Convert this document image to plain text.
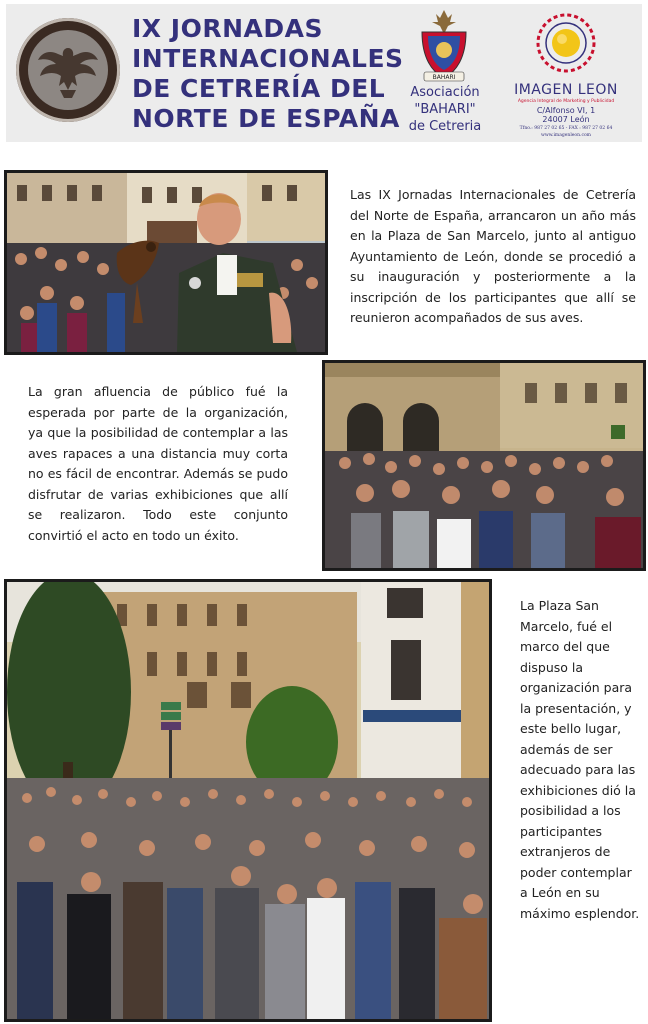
IX JORNADAS
INTERNACIONALES
DE CETRERÍA DEL
NORTE DE ESPAÑA
BAHARI
Asociación
"BAHARI"
de Cetreria
IMAGEN LEON
Agencia Integral de Marketing y Publicidad
C/Alfonso VI, 1
24007 León
Tfno.: 987 27 02 65 - FAX : 987 27 02 64
www.imagenleon.com

Las IX Jornadas Internacionales de Cetrería del Norte de España, arrancaron un año más en la Plaza de San Marcelo, junto al antiguo Ayuntamiento de León, donde se procedió a su inauguración y posteriormente a la inscripción de los participantes que allí se reunieron acompañados de sus aves.

La gran afluencia de público fué la esperada por parte de la organización, ya que la posibilidad de contemplar a las aves rapaces a una distancia muy corta no es fácil de encontrar. Además se pudo disfrutar de varias exhibiciones que allí se realizaron. Todo este conjunto convirtió el acto en todo un éxito.

La Plaza San Marcelo, fué el marco del que dispuso la organización para la presentación, y este bello lugar, además de ser adecuado para las exhibiciones dió la posibilidad a los participantes extranjeros de poder contemplar a León en su máximo esplendor.
